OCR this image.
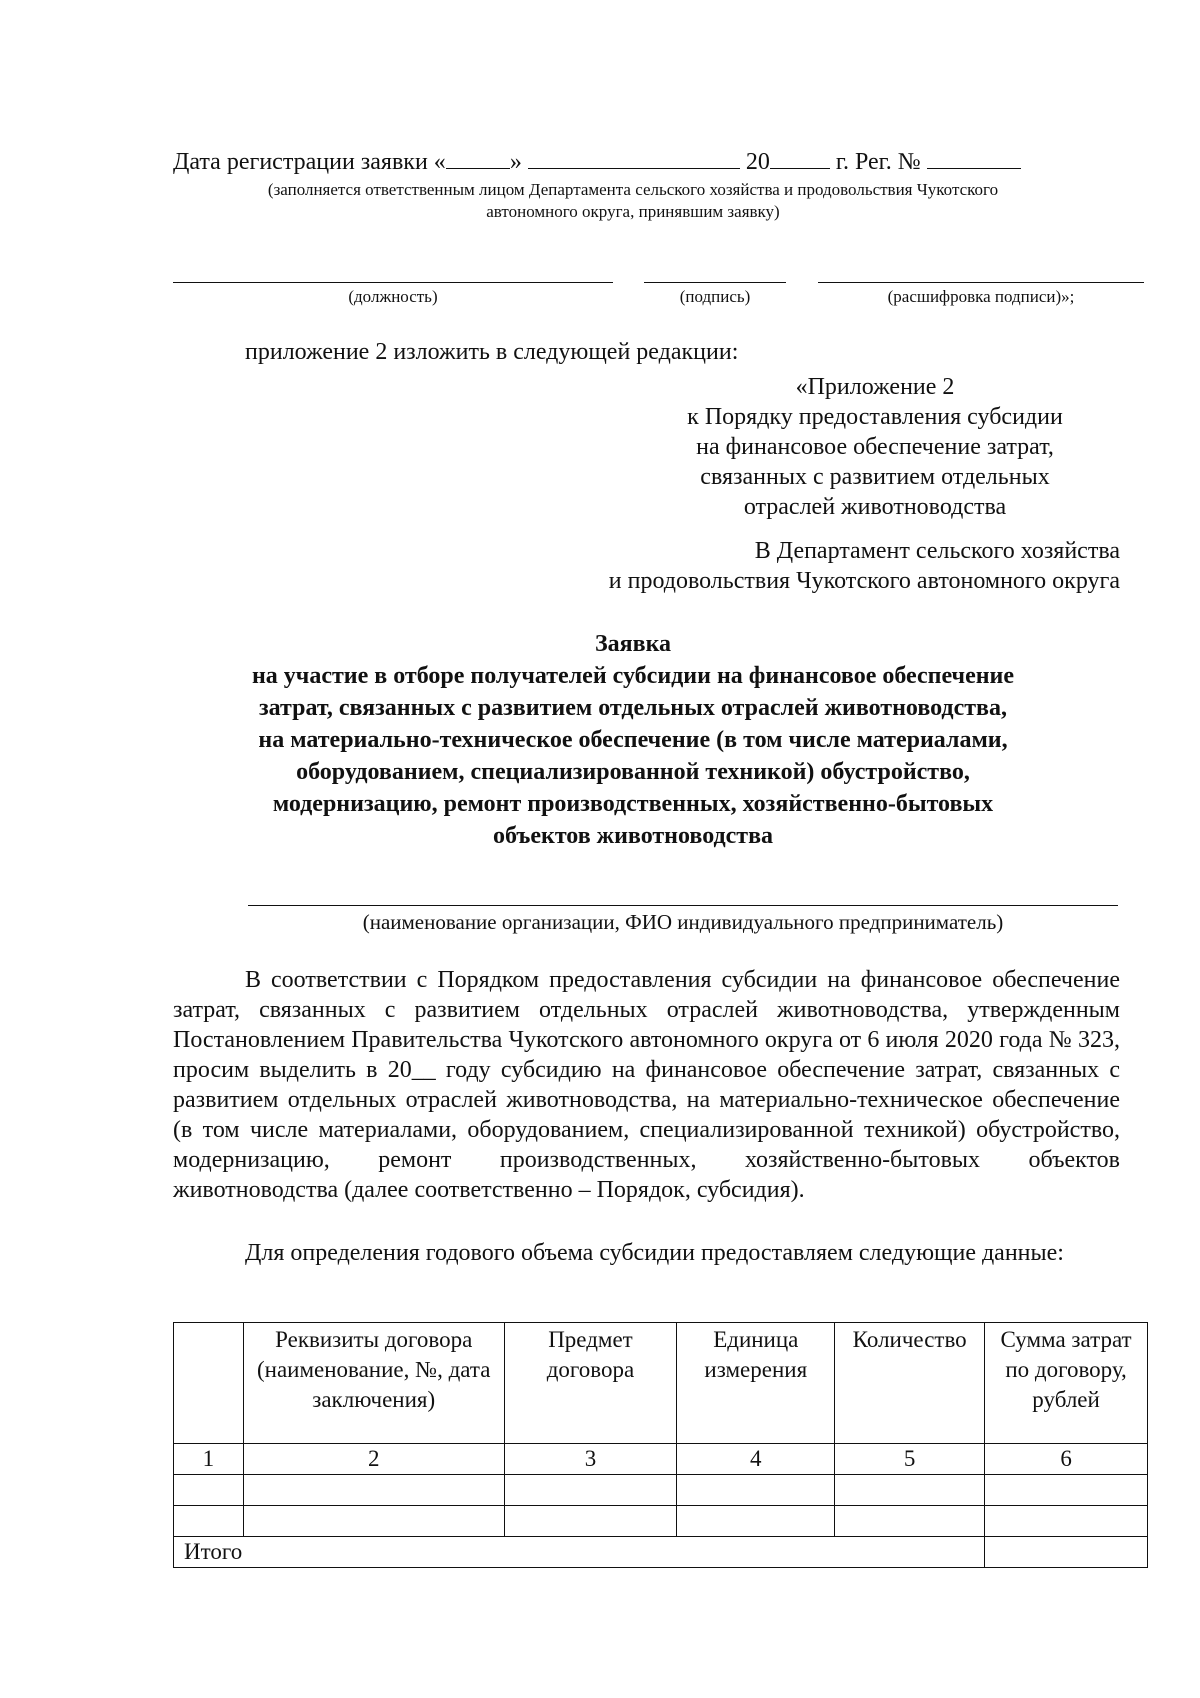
Дата регистрации заявки «	»	20	г. Рег. №
(заполняется ответственным лицом Департамента сельского хозяйства и продовольствия Чукотского
автономного округа, принявшим заявку)
(должность)	(подпись)	(расшифровка подписи)»;
приложение 2 изложить в следующей редакции:
«Приложение 2
к Порядку предоставления субсидии
на финансовое обеспечение затрат,
связанных с развитием отдельных
отраслей животноводства
В Департамент сельского хозяйства
и продовольствия Чукотского автономного округа
Заявка
на участие в отборе получателей субсидии на финансовое обеспечение
затрат, связанных с развитием отдельных отраслей животноводства,
на материально-техническое обеспечение (в том числе материалами,
оборудованием, специализированной техникой) обустройство,
модернизацию, ремонт производственных, хозяйственно-бытовых
объектов животноводства
(наименование организации, ФИО индивидуального предприниматель)

В соответствии с Порядком предоставления субсидии на финансовое обеспечение затрат, связанных с развитием отдельных отраслей животноводства, утвержденным Постановлением Правительства Чукотского автономного округа от 6 июля 2020 года № 323, просим выделить в 20__ году субсидию на финансовое обеспечение затрат, связанных с развитием отдельных отраслей животноводства, на материально-техническое обеспечение (в том числе материалами, оборудованием, специализированной техникой) обустройство, модернизацию, ремонт производственных, хозяйственно-бытовых объектов животноводства (далее соответственно – Порядок, субсидия).

Для определения годового объема субсидии предоставляем следующие данные:

	Реквизиты договора (наименование, №, дата заключения)	Предмет договора	Единица измерения	Количество	Сумма затрат по договору, рублей
1	2	3	4	5	6

Итого					
